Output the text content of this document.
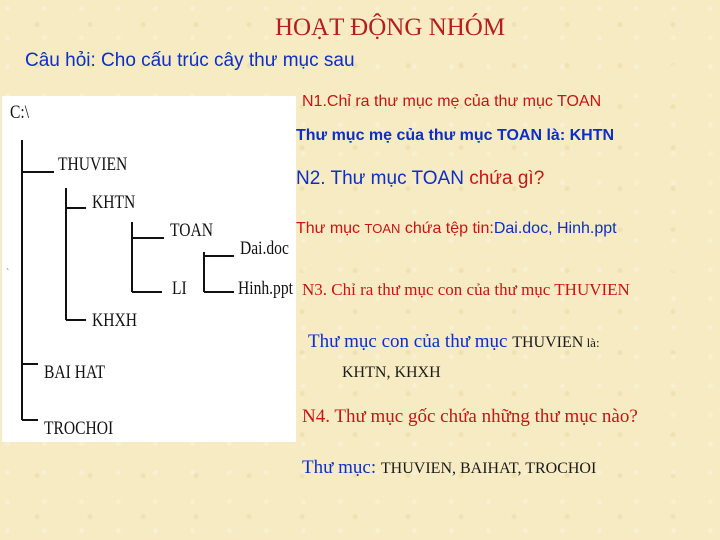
HOẠT ĐỘNG NHÓM
Câu hỏi: Cho cấu trúc cây thư mục sau
C:\
THUVIEN
KHTN
TOAN
Dai.doc
LI	Hinh.ppt
KHXH
BAI HAT
TROCHOI
`
N1.Chỉ ra thư mục mẹ của thư mục TOAN
Thư mục mẹ của thư mục TOAN là: KHTN
N2. Thư mục TOAN chứa gì?
Thư mục TOAN chứa tệp tin:Dai.doc, Hinh.ppt
N3. Chỉ ra thư mục con của thư mục THUVIEN
Thư mục con của thư mục THUVIEN là:
KHTN, KHXH
N4. Thư mục gốc chứa những thư mục nào?
Thư mục: THUVIEN, BAIHAT, TROCHOI
